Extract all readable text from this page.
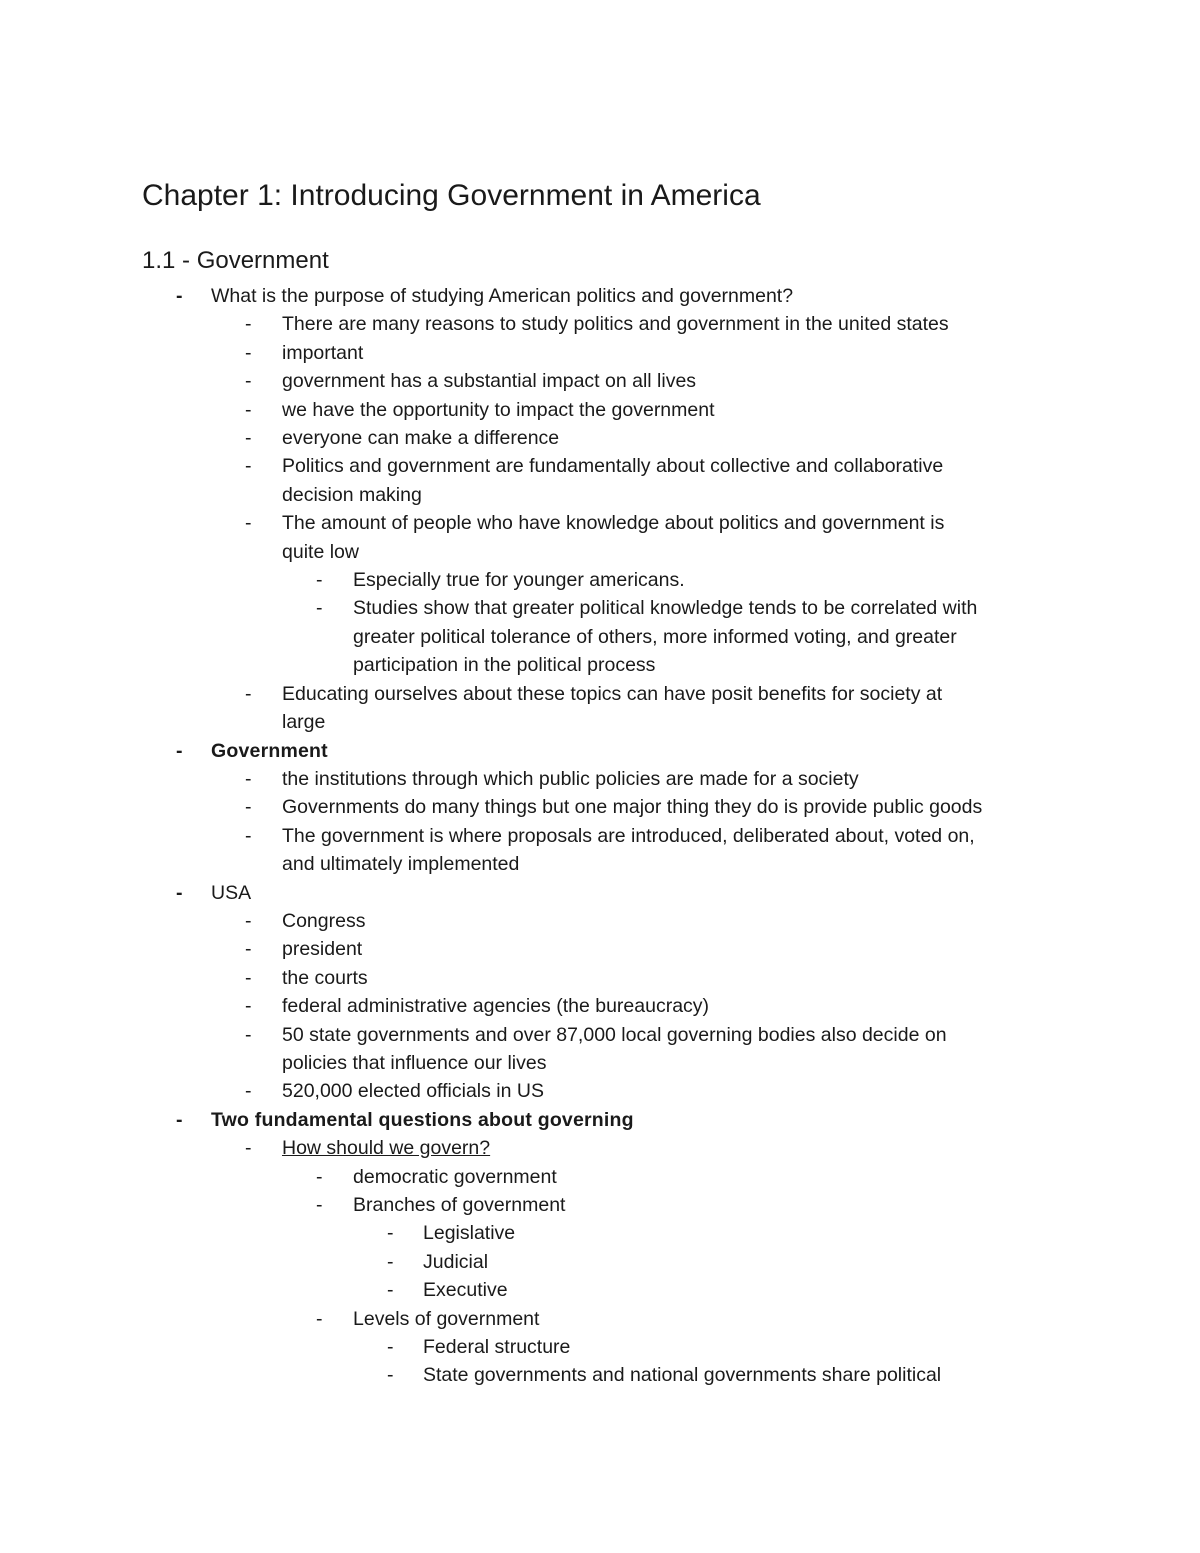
Chapter 1: Introducing Government in America
1.1 - Government
- What is the purpose of studying American politics and government?
- There are many reasons to study politics and government in the united states
- important
- government has a substantial impact on all lives
- we have the opportunity to impact the government
- everyone can make a difference
- Politics and government are fundamentally about collective and collaborative
decision making
- The amount of people who have knowledge about politics and government is
quite low
- Especially true for younger americans.
- Studies show that greater political knowledge tends to be correlated with
greater political tolerance of others, more informed voting, and greater
participation in the political process
- Educating ourselves about these topics can have posit benefits for society at
large
- Government
- the institutions through which public policies are made for a society
- Governments do many things but one major thing they do is provide public goods
- The government is where proposals are introduced, deliberated about, voted on,
and ultimately implemented
- USA
- Congress
- president
- the courts
- federal administrative agencies (the bureaucracy)
- 50 state governments and over 87,000 local governing bodies also decide on
policies that influence our lives
- 520,000 elected officials in US
- Two fundamental questions about governing
- How should we govern?
- democratic government
- Branches of government
- Legislative
- Judicial
- Executive
- Levels of government
- Federal structure
- State governments and national governments share political
